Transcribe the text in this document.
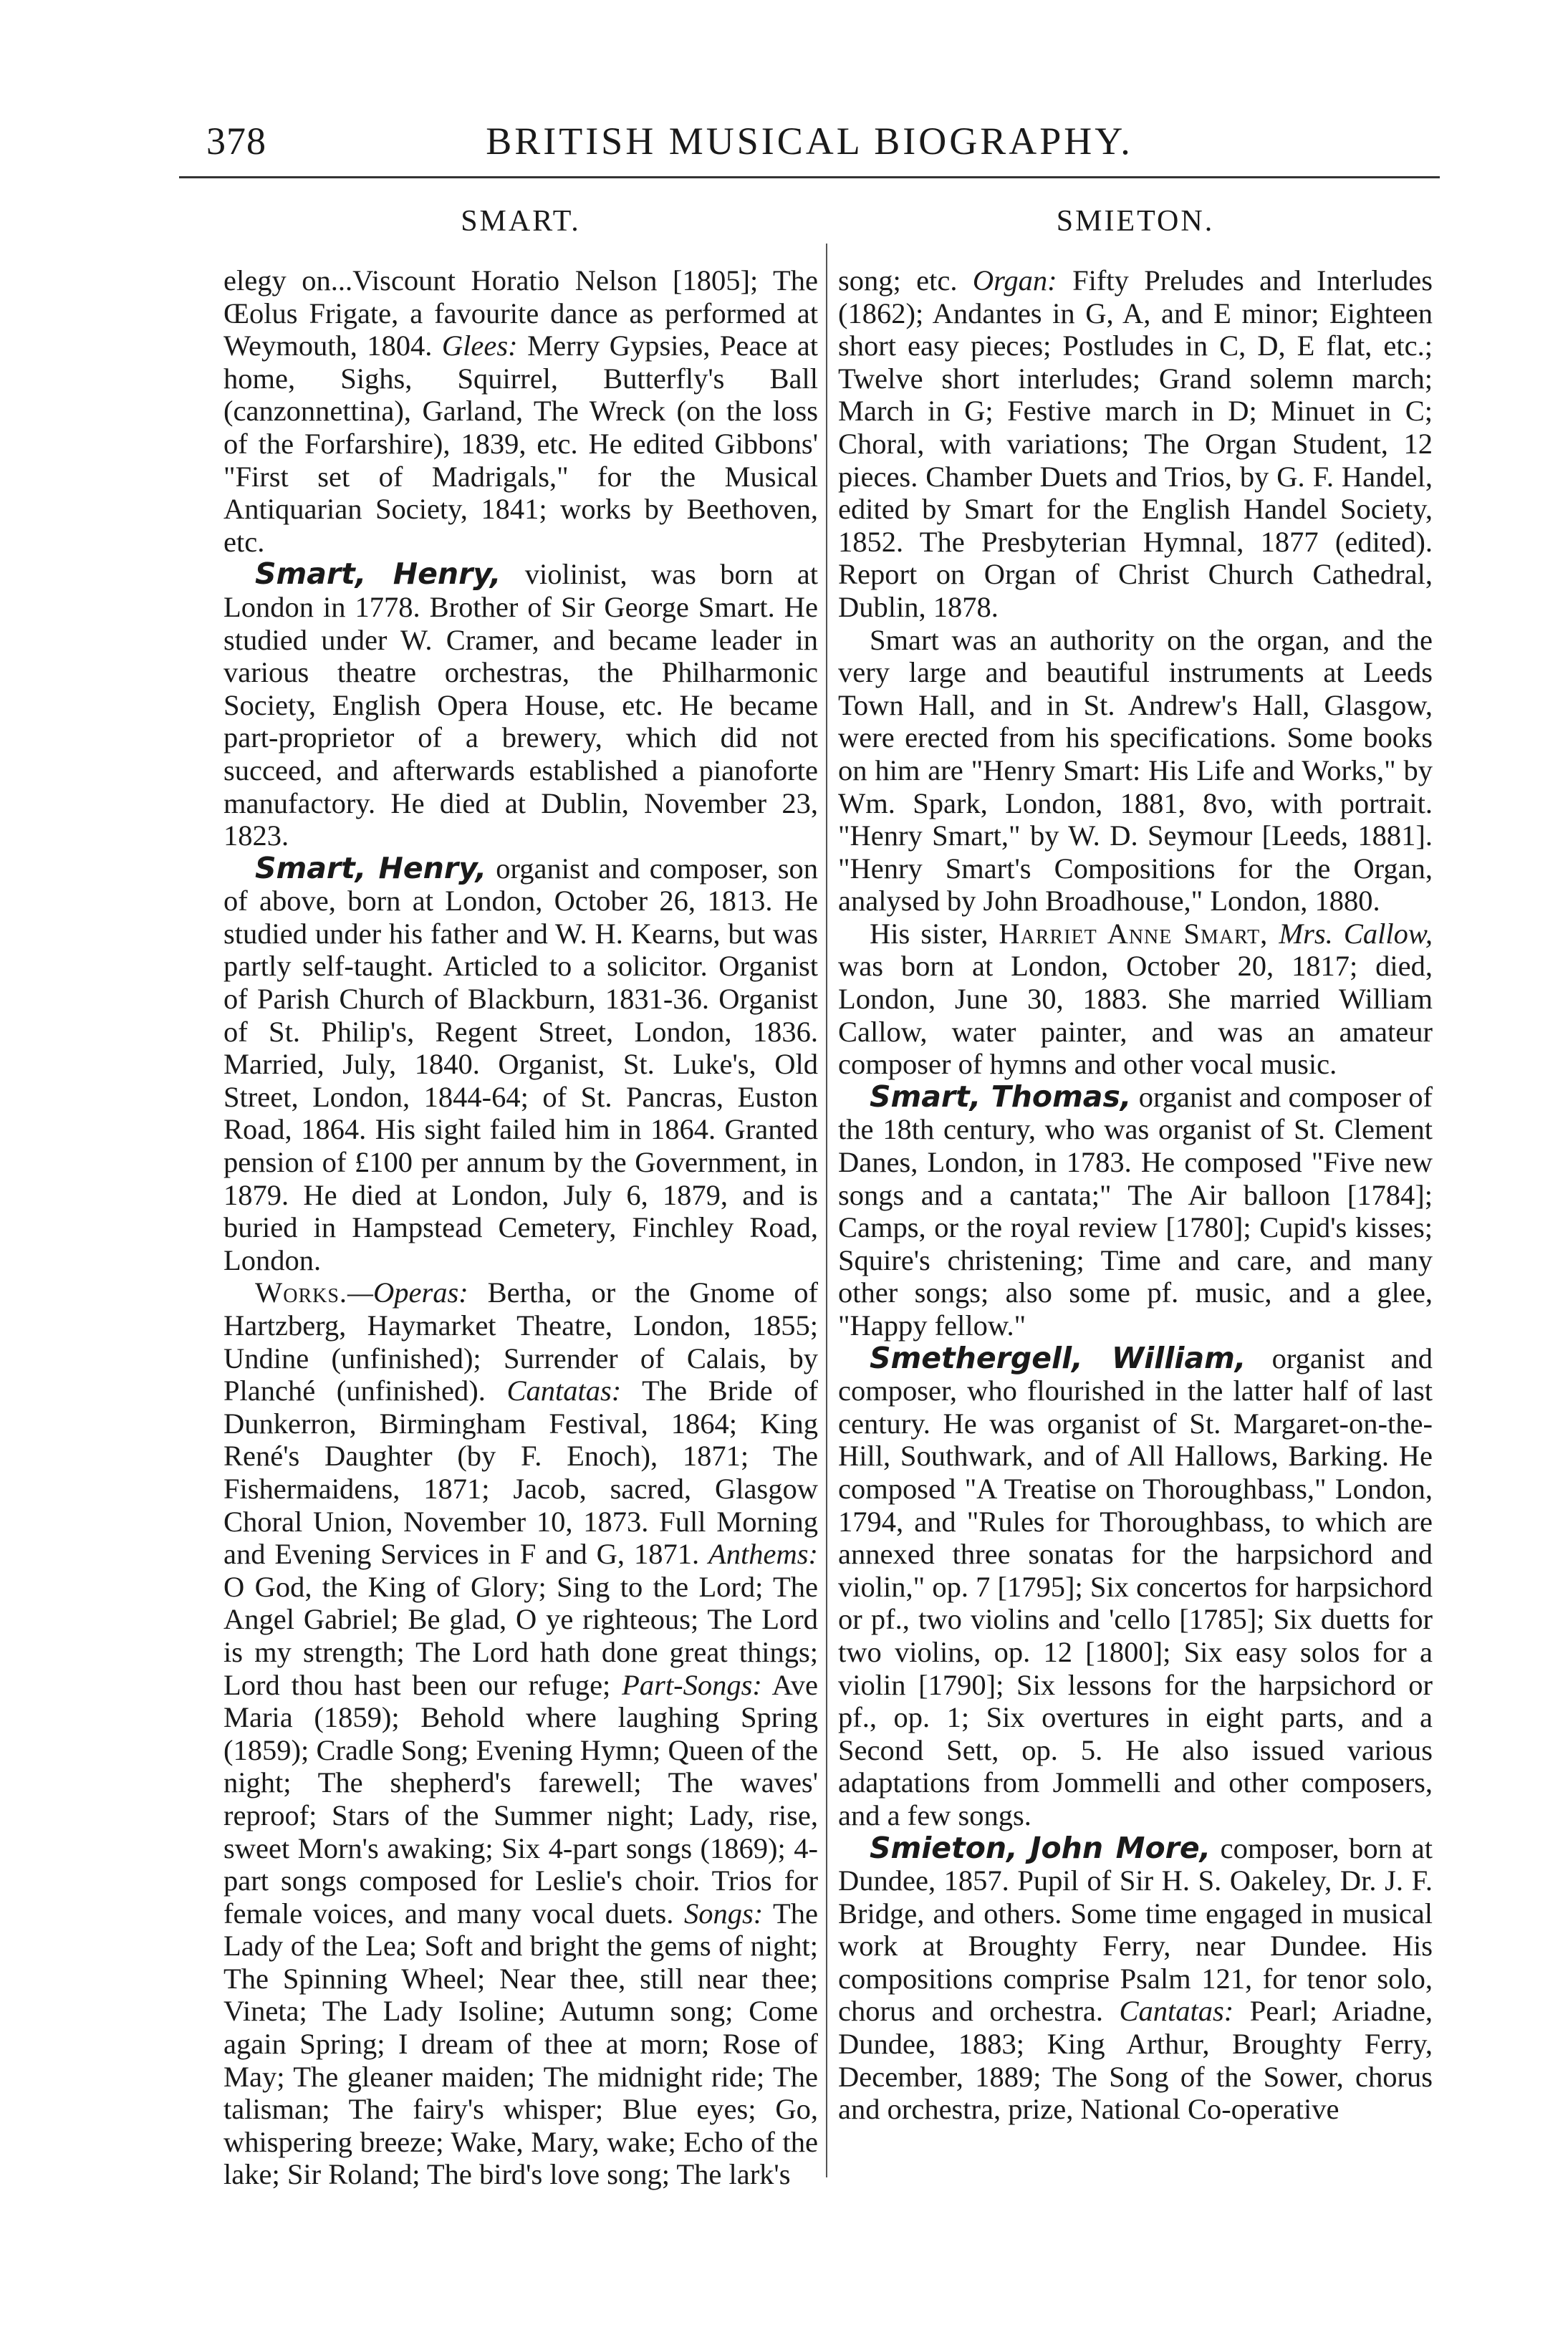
378	BRITISH MUSICAL BIOGRAPHY.
SMART.

elegy on...Viscount Horatio Nelson [1805]; The Œolus Frigate, a favourite dance as performed at Weymouth, 1804. Glees: Merry Gypsies, Peace at home, Sighs, Squirrel, Butterfly's Ball (canzonnettina), Garland, The Wreck (on the loss of the Forfarshire), 1839, etc. He edited Gibbons' "First set of Madrigals," for the Musical Antiquarian Society, 1841; works by Beethoven, etc.

Smart, Henry, violinist, was born at London in 1778. Brother of Sir George Smart. He studied under W. Cramer, and became leader in various theatre orchestras, the Philharmonic Society, English Opera House, etc. He became part-proprietor of a brewery, which did not succeed, and afterwards established a pianoforte manufactory. He died at Dublin, November 23, 1823.

Smart, Henry, organist and composer, son of above, born at London, October 26, 1813. He studied under his father and W. H. Kearns, but was partly self-taught. Articled to a solicitor. Organist of Parish Church of Blackburn, 1831-36. Organist of St. Philip's, Regent Street, London, 1836. Married, July, 1840. Organist, St. Luke's, Old Street, London, 1844-64; of St. Pancras, Euston Road, 1864. His sight failed him in 1864. Granted pension of £100 per annum by the Government, in 1879. He died at London, July 6, 1879, and is buried in Hampstead Cemetery, Finchley Road, London.

Works.—Operas: Bertha, or the Gnome of Hartzberg, Haymarket Theatre, London, 1855; Undine (unfinished); Surrender of Calais, by Planché (unfinished). Cantatas: The Bride of Dunkerron, Birmingham Festival, 1864; King René's Daughter (by F. Enoch), 1871; The Fishermaidens, 1871; Jacob, sacred, Glasgow Choral Union, November 10, 1873. Full Morning and Evening Services in F and G, 1871. Anthems: O God, the King of Glory; Sing to the Lord; The Angel Gabriel; Be glad, O ye righteous; The Lord is my strength; The Lord hath done great things; Lord thou hast been our refuge; Part-Songs: Ave Maria (1859); Behold where laughing Spring (1859); Cradle Song; Evening Hymn; Queen of the night; The shepherd's farewell; The waves' reproof; Stars of the Summer night; Lady, rise, sweet Morn's awaking; Six 4-part songs (1869); 4-part songs composed for Leslie's choir. Trios for female voices, and many vocal duets. Songs: The Lady of the Lea; Soft and bright the gems of night; The Spinning Wheel; Near thee, still near thee; Vineta; The Lady Isoline; Autumn song; Come again Spring; I dream of thee at morn; Rose of May; The gleaner maiden; The midnight ride; The talisman; The fairy's whisper; Blue eyes; Go, whispering breeze; Wake, Mary, wake; Echo of the lake; Sir Roland; The bird's love song; The lark's

SMIETON.

song; etc. Organ: Fifty Preludes and Interludes (1862); Andantes in G, A, and E minor; Eighteen short easy pieces; Postludes in C, D, E flat, etc.; Twelve short interludes; Grand solemn march; March in G; Festive march in D; Minuet in C; Choral, with variations; The Organ Student, 12 pieces. Chamber Duets and Trios, by G. F. Handel, edited by Smart for the English Handel Society, 1852. The Presbyterian Hymnal, 1877 (edited). Report on Organ of Christ Church Cathedral, Dublin, 1878.

Smart was an authority on the organ, and the very large and beautiful instruments at Leeds Town Hall, and in St. Andrew's Hall, Glasgow, were erected from his specifications. Some books on him are "Henry Smart: His Life and Works," by Wm. Spark, London, 1881, 8vo, with portrait. "Henry Smart," by W. D. Seymour [Leeds, 1881]. "Henry Smart's Compositions for the Organ, analysed by John Broadhouse," London, 1880.

His sister, Harriet Anne Smart, Mrs. Callow, was born at London, October 20, 1817; died, London, June 30, 1883. She married William Callow, water painter, and was an amateur composer of hymns and other vocal music.

Smart, Thomas, organist and composer of the 18th century, who was organist of St. Clement Danes, London, in 1783. He composed "Five new songs and a cantata;" The Air balloon [1784]; Camps, or the royal review [1780]; Cupid's kisses; Squire's christening; Time and care, and many other songs; also some pf. music, and a glee, "Happy fellow."

Smethergell, William, organist and composer, who flourished in the latter half of last century. He was organist of St. Margaret-on-the-Hill, Southwark, and of All Hallows, Barking. He composed "A Treatise on Thoroughbass," London, 1794, and "Rules for Thoroughbass, to which are annexed three sonatas for the harpsichord and violin," op. 7 [1795]; Six concertos for harpsichord or pf., two violins and 'cello [1785]; Six duetts for two violins, op. 12 [1800]; Six easy solos for a violin [1790]; Six lessons for the harpsichord or pf., op. 1; Six overtures in eight parts, and a Second Sett, op. 5. He also issued various adaptations from Jommelli and other composers, and a few songs.

Smieton, John More, composer, born at Dundee, 1857. Pupil of Sir H. S. Oakeley, Dr. J. F. Bridge, and others. Some time engaged in musical work at Broughty Ferry, near Dundee. His compositions comprise Psalm 121, for tenor solo, chorus and orchestra. Cantatas: Pearl; Ariadne, Dundee, 1883; King Arthur, Broughty Ferry, December, 1889; The Song of the Sower, chorus and orchestra, prize, National Co-operative
